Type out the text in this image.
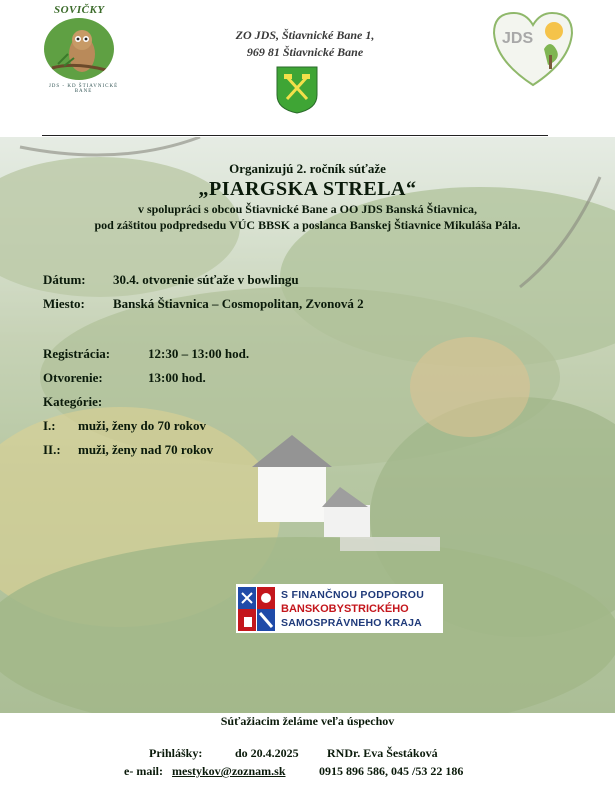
SOVIČKY
JDS - KD ŠTIAVNICKÉ BANE
ZO JDS, Štiavnické Bane 1,
969 81 Štiavnické Bane
JDS
Organizujú 2. ročník súťaže
„PIARGSKA STRELA“
v spolupráci s obcou Štiavnické Bane a OO JDS Banská Štiavnica,
pod záštitou podpredsedu VÚC BBSK a poslanca Banskej Štiavnice Mikuláša Pála.
Dátum: 30.4. otvorenie súťaže v bowlingu
Miesto: Banská Štiavnica – Cosmopolitan, Zvonová 2
Registrácia:	12:30 – 13:00 hod.
Otvorenie:	13:00 hod.
Kategórie:
I.: muži, ženy do 70 rokov
II.: muži, ženy nad 70 rokov
S FINANČNOU PODPOROU
BANSKOBYSTRICKÉHO
SAMOSPRÁVNEHO KRAJA
Súťažiacim želáme veľa úspechov
Prihlášky:	do 20.4.2025 RNDr. Eva Šestáková
e- mail: mestykov@zoznam.sk	0915 896 586, 045 /53 22 186
